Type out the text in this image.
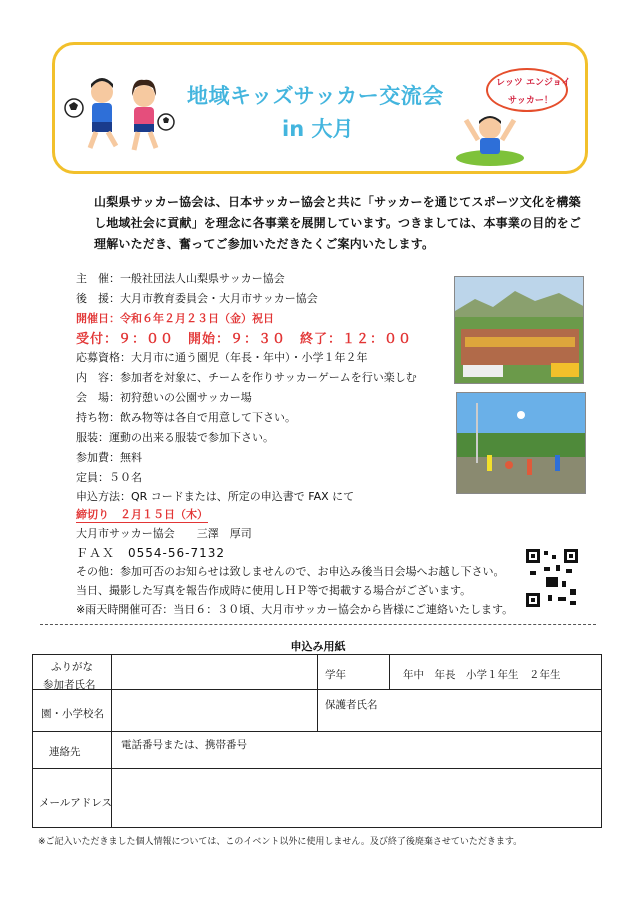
地域キッズサッカー交流会
in 大月
レッツ エンジョイ
サッカー！
山梨県サッカー協会は、日本サッカー協会と共に「サッカーを通じてスポーツ文化を構築
し地域社会に貢献」を理念に各事業を展開しています。つきましては、本事業の目的をご
理解いただき、奮ってご参加いただきたくご案内いたします。
主　催：一般社団法人山梨県サッカー協会
後　援：大月市教育委員会・大月市サッカー協会
開催日：令和６年２月２３日（金）祝日
受付：９：００　開始：９：３０　終了：１２：００
応募資格：大月市に通う園児（年長・年中）・小学１年２年
内　容：参加者を対象に、チームを作りサッカーゲームを行い楽しむ
会　場：初狩憩いの公園サッカー場
持ち物：飲み物等は各自で用意して下さい。
服装：運動の出来る服装で参加下さい。
参加費：無料
定員：５０名
申込方法：QR コードまたは、所定の申込書で FAX にて
締切り　２月１５日（木）
大月市サッカー協会　　三澤　厚司
ＦＡＸ　0554-56-7132
その他：参加可否のお知らせは致しませんので、お申込み後当日会場へお越し下さい。
当日、撮影した写真を報告作成時に使用しＨＰ等で掲載する場合がございます。
※雨天時開催可否：当日６：３０頃、大月市サッカー協会から皆様にご連絡いたします。
申込み用紙
ふりがな
参加者氏名
学年	年中　年長　小学１年生　２年生
園・小学校名
保護者氏名
連絡先
電話番号または、携帯番号
メールアドレス
※ご記入いただきました個人情報については、このイベント以外に使用しません。及び終了後廃棄させていただきます。
